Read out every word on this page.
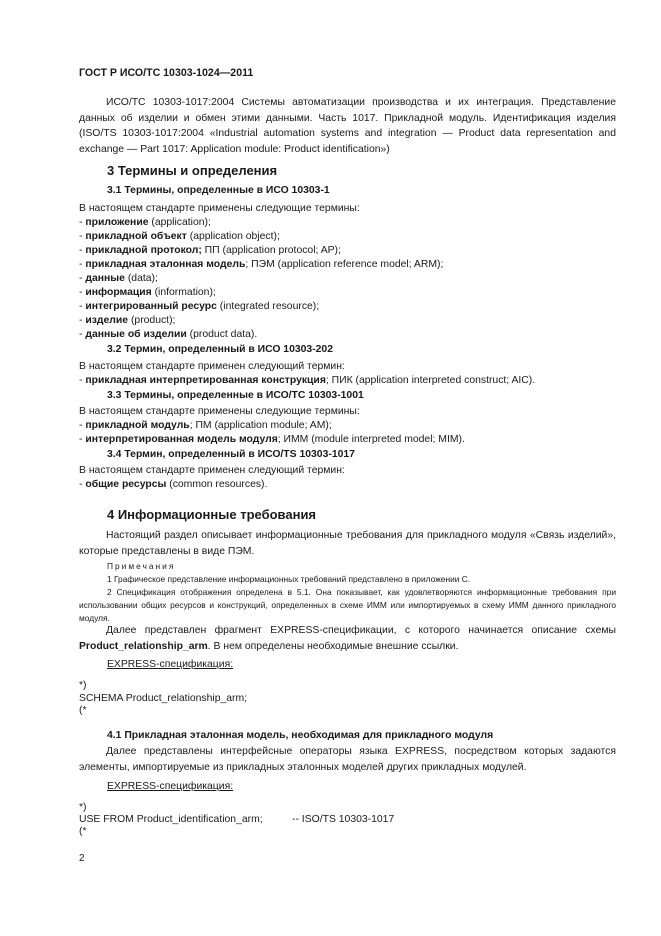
ГОСТ Р ИСО/ТС 10303-1024—2011
ИСО/ТС 10303-1017:2004 Системы автоматизации производства и их интеграция. Представление данных об изделии и обмен этими данными. Часть 1017. Прикладной модуль. Идентификация изделия (ISO/TS 10303-1017:2004 «Industrial automation systems and integration — Product data representation and exchange — Part 1017: Application module: Product identification»)
3 Термины и определения
3.1 Термины, определенные в ИСО 10303-1
В настоящем стандарте применены следующие термины:
- приложение (application);
- прикладной объект (application object);
- прикладной протокол; ПП (application protocol; AP);
- прикладная эталонная модель; ПЭМ (application reference model; ARM);
- данные (data);
- информация (information);
- интегрированный ресурс (integrated resource);
- изделие (product);
- данные об изделии (product data).
3.2 Термин, определенный в ИСО 10303-202
В настоящем стандарте применен следующий термин:
- прикладная интерпретированная конструкция; ПИК (application interpreted construct; AIC).
3.3 Термины, определенные в ИСО/ТС 10303-1001
В настоящем стандарте применены следующие термины:
- прикладной модуль; ПМ (application module; AM);
- интерпретированная модель модуля; ИММ (module interpreted model; MIM).
3.4 Термин, определенный в ИСО/TS 10303-1017
В настоящем стандарте применен следующий термин:
- общие ресурсы (common resources).
4 Информационные требования
Настоящий раздел описывает информационные требования для прикладного модуля «Связь изделий», которые представлены в виде ПЭМ.
Примечания
1 Графическое представление информационных требований представлено в приложении С.
2 Спецификация отображения определена в 5.1. Она показывает, как удовлетворяются информационные требования при использовании общих ресурсов и конструкций, определенных в схеме ИММ или импортируемых в схему ИММ данного прикладного модуля.
Далее представлен фрагмент EXPRESS-спецификации, с которого начинается описание схемы Product_relationship_arm. В нем определены необходимые внешние ссылки.
EXPRESS-спецификация:
*)
SCHEMA Product_relationship_arm;
(*
4.1 Прикладная эталонная модель, необходимая для прикладного модуля
Далее представлены интерфейсные операторы языка EXPRESS, посредством которых задаются элементы, импортируемые из прикладных эталонных моделей других прикладных модулей.
EXPRESS-спецификация:
*)
USE FROM Product_identification_arm;	-- ISO/TS 10303-1017
(*
2
